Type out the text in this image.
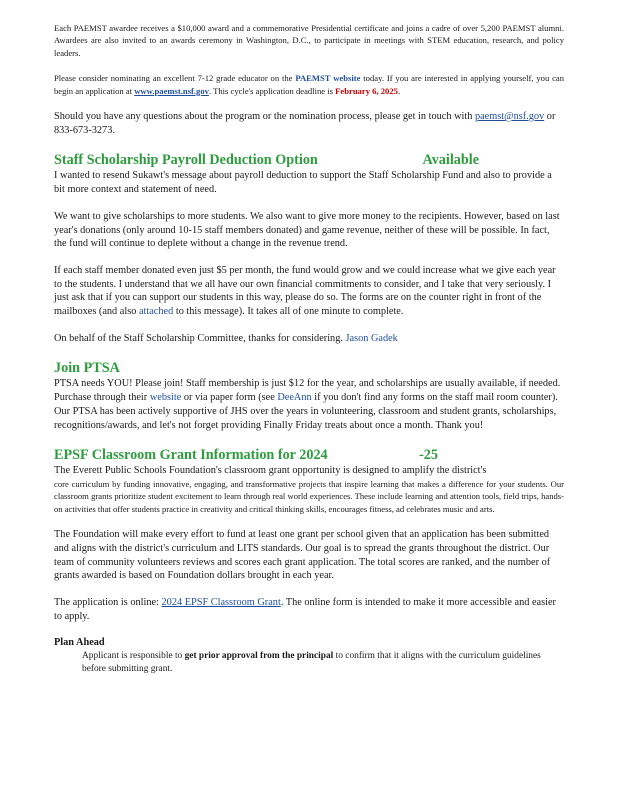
Each PAEMST awardee receives a $10,000 award and a commemorative Presidential certificate and joins a cadre of over 5,200 PAEMST alumni. Awardees are also invited to an awards ceremony in Washington, D.C., to participate in meetings with STEM education, research, and policy leaders.

Please consider nominating an excellent 7-12 grade educator on the PAEMST website today. If you are interested in applying yourself, you can begin an application at www.paemst.nsf.gov. This cycle's application deadline is February 6, 2025.

Should you have any questions about the program or the nomination process, please get in touch with paemst@nsf.gov or 833-673-3273.

Staff Scholarship Payroll Deduction Option	Available

I wanted to resend Sukawt's message about payroll deduction to support the Staff Scholarship Fund and also to provide a bit more context and statement of need.

We want to give scholarships to more students. We also want to give more money to the recipients. However, based on last year's donations (only around 10-15 staff members donated) and game revenue, neither of these will be possible. In fact, the fund will continue to deplete without a change in the revenue trend.

If each staff member donated even just $5 per month, the fund would grow and we could increase what we give each year to the students. I understand that we all have our own financial commitments to consider, and I take that very seriously. I just ask that if you can support our students in this way, please do so. The forms are on the counter right in front of the mailboxes (and also attached to this message). It takes all of one minute to complete.

On behalf of the Staff Scholarship Committee, thanks for considering. Jason Gadek

Join PTSA

PTSA needs YOU! Please join! Staff membership is just $12 for the year, and scholarships are usually available, if needed. Purchase through their website or via paper form (see DeeAnn if you don't find any forms on the staff mail room counter). Our PTSA has been actively supportive of JHS over the years in volunteering, classroom and student grants, scholarships, recognitions/awards, and let's not forget providing Finally Friday treats about once a month. Thank you!

EPSF Classroom Grant Information for 2024	-25

The Everett Public Schools Foundation's classroom grant opportunity is designed to amplify the district's

core curriculum by funding innovative, engaging, and transformative projects that inspire learning that makes a difference for your students. Our classroom grants prioritize student excitement to learn through real world experiences. These include learning and attention tools, field trips, hands-on activities that offer students practice in creativity and critical thinking skills, encourages fitness, ad celebrates music and arts.

The Foundation will make every effort to fund at least one grant per school given that an application has been submitted and aligns with the district's curriculum and LITS standards. Our goal is to spread the grants throughout the district. Our team of community volunteers reviews and scores each grant application. The total scores are ranked, and the number of grants awarded is based on Foundation dollars brought in each year.

The application is online: 2024 EPSF Classroom Grant. The online form is intended to make it more accessible and easier to apply.

Plan Ahead
Applicant is responsible to get prior approval from the principal to confirm that it aligns with the curriculum guidelines before submitting grant.
